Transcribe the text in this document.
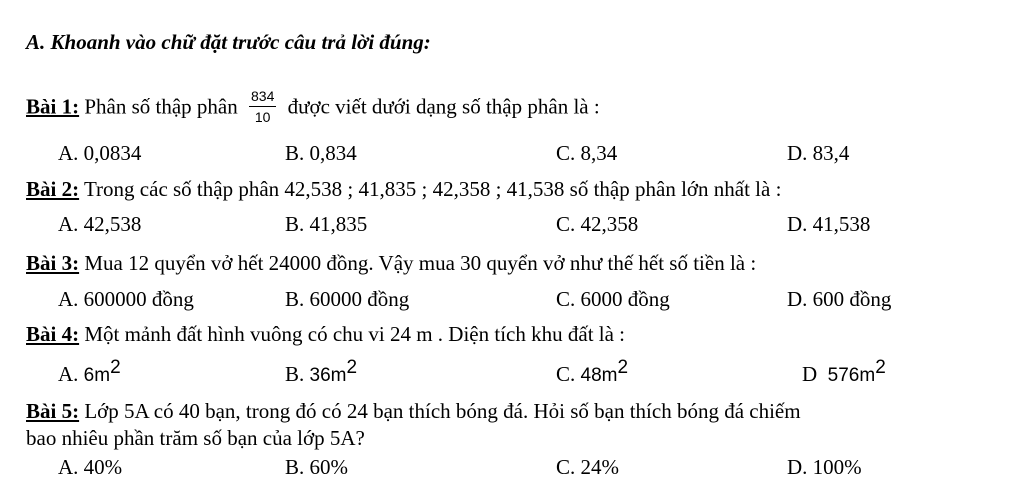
A. Khoanh vào chữ đặt trước câu trả lời đúng:
Bài 1: Phân số thập phân $\frac{834}{10}$ được viết dưới dạng số thập phân là :
A. 0,0834	B. 0,834	C. 8,34	D. 83,4
Bài 2: Trong các số thập phân 42,538 ; 41,835 ; 42,358 ; 41,538 số thập phân lớn nhất là :
A. 42,538	B. 41,835	C. 42,358	D. 41,538
Bài 3: Mua 12 quyển vở hết 24000 đồng. Vậy mua 30 quyển vở như thế hết số tiền là :
A. 600000 đồng	B. 60000 đồng	C. 6000 đồng	D. 600 đồng
Bài 4: Một mảnh đất hình vuông có chu vi 24 m . Diện tích khu đất là :
A. $6m^2$	B. $36m^2$	C. $48m^2$	D $576m^2$
Bài 5: Lớp 5A có 40 bạn, trong đó có 24 bạn thích bóng đá. Hỏi số bạn thích bóng đá chiếm
bao nhiêu phần trăm số bạn của lớp 5A?
A. 40%	B. 60%	C. 24%	D. 100%
